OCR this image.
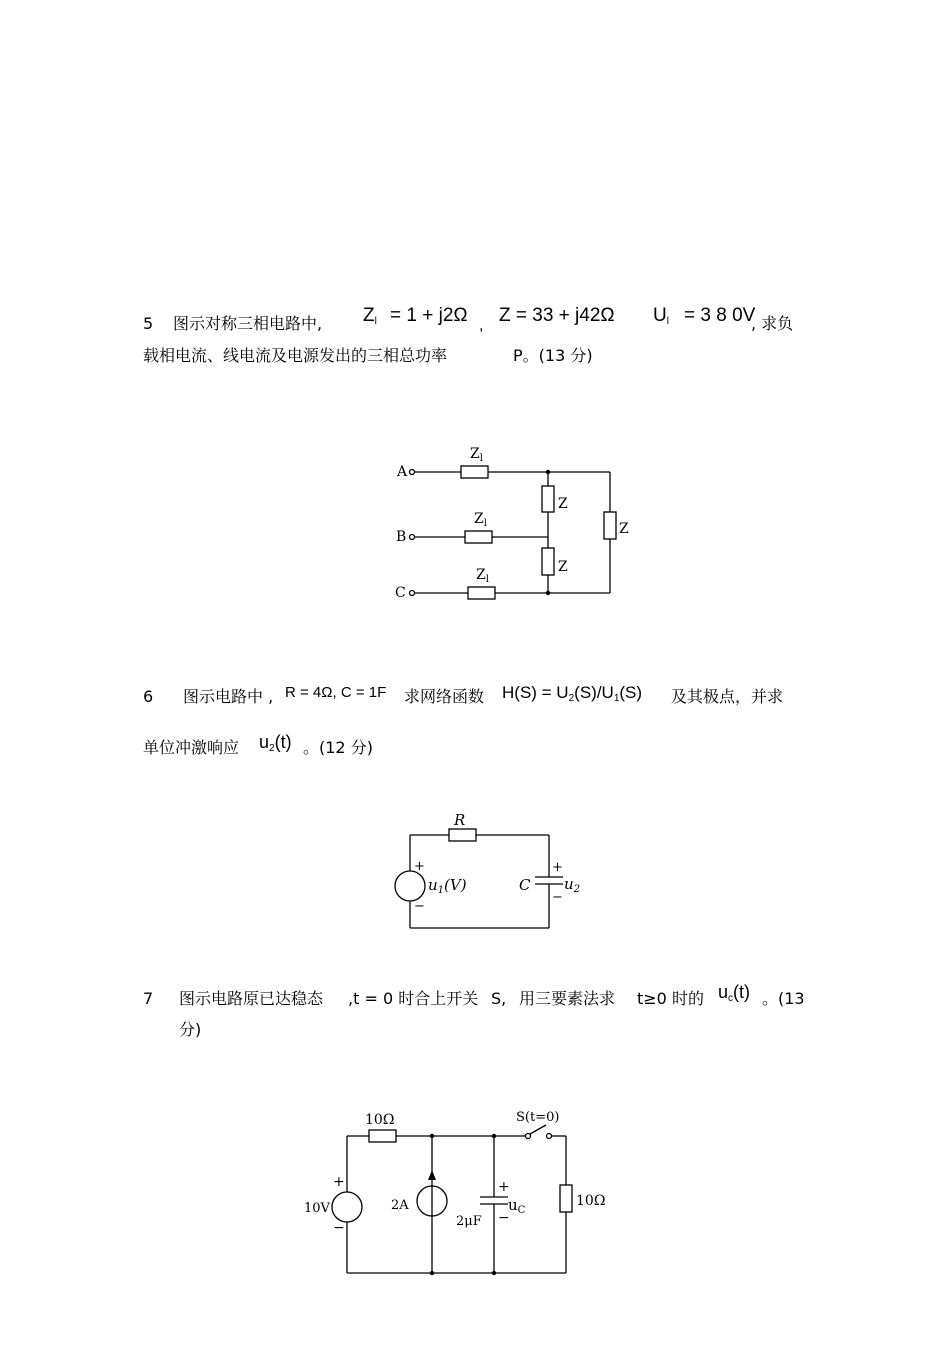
5 图示对称三相电路中, $Z_l = 1 + j2\Omega$ , Z = 33 + j42Ω $U_l = 3$ 8 0V
, 求负
载相电流、线电流及电源发出的三相总功率	P。(13 分)
A
B
C
$Z_l$
$Z_l$
$Z_l$
Z
Z
Z
6 图示电路中 , R = 4Ω, C = 1F 求网络函数 $H(S) = U_2(S)/U_1(S)$ 及其极点，并求
单位冲激响应 $u_2(t)$ 。(12 分)
R
C
+
−
$u_1(V)$
+
−
$u_2$
7 图示电路原已达稳态 ,t = 0 时合上开关 S, 用三要素法求 t≥0 时的 $u_c(t)$ 。(13
分)
10Ω	S(t=0)
10V
+
−
2A
2μF
+
−
$u_C$
10Ω
